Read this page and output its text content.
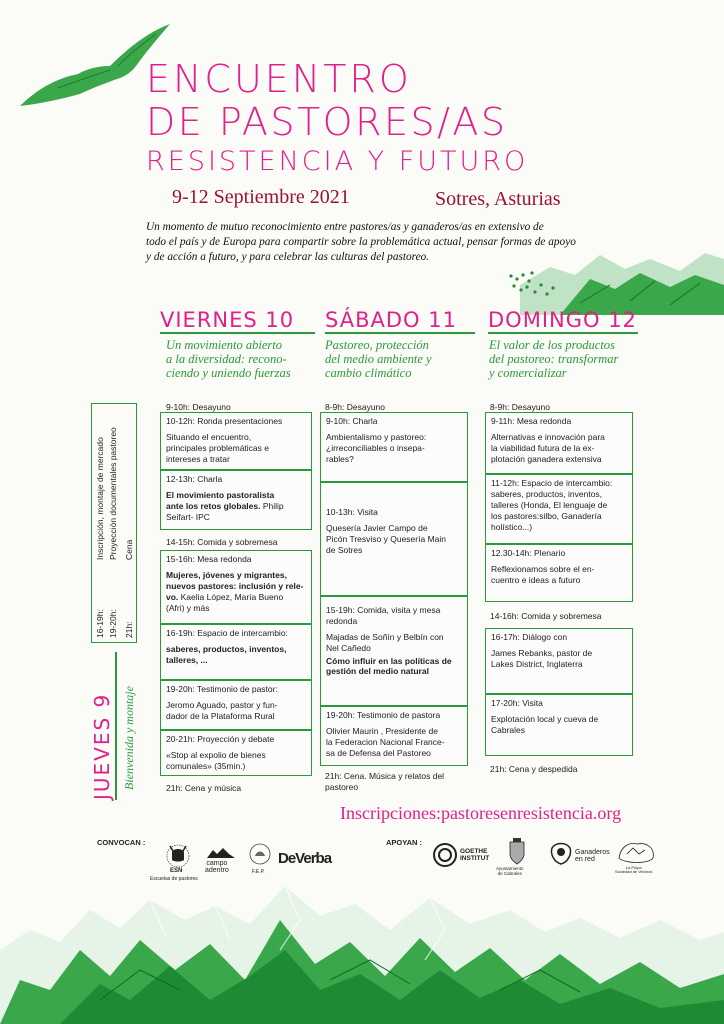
ENCUENTRO
DE PASTORES/AS
RESISTENCIA Y FUTURO
9-12 Septiembre 2021	Sotres, Asturias
Un momento de mutuo reconocimiento entre pastores/as y ganaderos/as en extensivo de
todo el país y de Europa para compartir sobre la problemática actual, pensar formas de apoyo
y de acción a futuro, y para celebrar las culturas del pastoreo.
VIERNES 10 SÁBADO 11 DOMINGO 12
Un movimiento abierto
a la diversidad: recono-
ciendo y uniendo fuerzas
Pastoreo, protección
del medio ambiente y
cambio climático
El valor de los productos
del pastoreo: transformar
y comercializar
16-19h:
Inscripción, montaje de mercado
19-20h:
Proyección documentales pastoreo
21h:
Cena
JUEVES 9 Bienvenida y montaje
9-10h: Desayuno
10-12h: Ronda presentaciones
Situando el encuentro,
principales problemáticas e
intereses a tratar
12-13h: Charla
El movimiento pastoralista
ante los retos globales. Philip
Seifart- IPC
14-15h: Comida y sobremesa
15-16h: Mesa redonda
Mujeres, jóvenes y migrantes,
nuevos pastores: inclusión y rele-
vo. Kaelia López, María Bueno
(Afri) y más
16-19h: Espacio de intercambio:
saberes, productos, inventos,
talleres, ...
19-20h: Testimonio de pastor:
Jeromo Aguado, pastor y fun-
dador de la Plataforma Rural
20-21h: Proyección y debate
«Stop al expolio de bienes
comunales» (35min.)
21h: Cena y música
8-9h: Desayuno
9-10h: Charla
Ambientalismo y pastoreo:
¿irreconciliables o insepa-
rables?
10-13h: Visita
Quesería Javier Campo de
Picón Tresviso y Quesería Main
de Sotres
15-19h: Comida, visita y mesa
redonda
Majadas de Soñín y Belbín con
Nel Cañedo
Cómo influir en las políticas de
gestión del medio natural
19-20h: Testimonio de pastora
Olivier Maurin , Presidente de
la Federacion Nacional France-
sa de Defensa del Pastoreo
21h: Cena. Música y relatos del
pastoreo
8-9h: Desayuno
9-11h: Mesa redonda
Alternativas e innovación para
la viabilidad futura de la ex-
plotación ganadera extensiva
11-12h: Espacio de intercambio:
saberes, productos, inventos,
talleres (Honda, El lenguaje de
los pastores:silbo, Ganadería
holístico...)
12.30-14h: Plenario
Reflexionamos sobre el en-
cuentro e ideas a futuro
14-16h: Comida y sobremesa
16-17h: Diálogo con
James Rebanks, pastor de
Lakes District, Inglaterra
17-20h: Visita
Explotación local y cueva de
Cabrales
21h: Cena y despedida
Inscripciones:pastoresenresistencia.org
CONVOCAN :
ESN
Escuelas de pastores
campo
adentro	F.E.P.
DeVerba
APOYAN :
GOETHE
INSTITUT
Ayuntamiento
de Cabrales
Ganaderos
en red
La Pulpa
Sociedad de Vecinos
